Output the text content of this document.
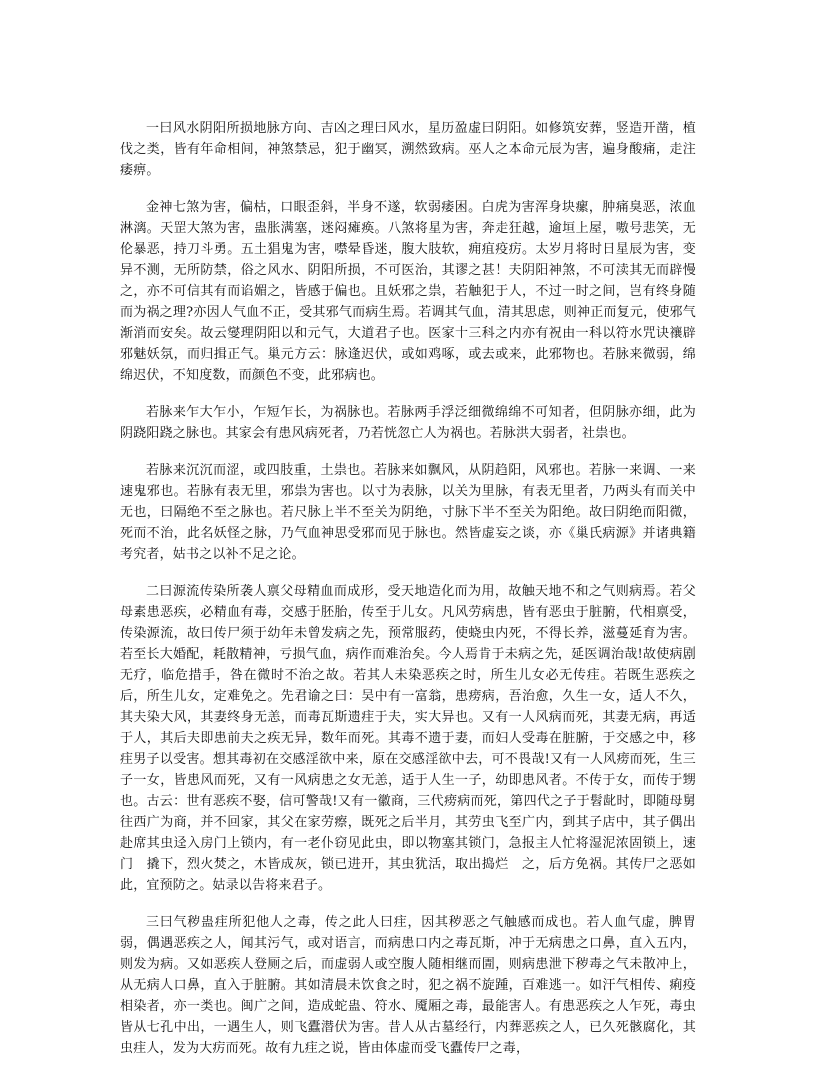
一曰风水阴阳所损地脉方向、吉凶之理曰风水，星历盈虚曰阴阳。如修筑安葬，竖造开凿，植伐之类，皆有年命相间，神煞禁忌，犯于幽冥，溯然致病。巫人之本命元辰为害，遍身酸痛，走注痿痹。

金神七煞为害，偏枯，口眼歪斜，半身不遂，软弱痿困。白虎为害浑身块瘰，肿痛臭恶，浓血淋漓。天罡大煞为害，蛊胀满塞，迷闷瘫痪。八煞将星为害，奔走狂越，逾垣上屋，嗷号悲笑，无伦暴恶，持刀斗勇。五土猖鬼为害，噤晕昏迷，腹大肢软，痈疽疫疠。太岁月将时日星辰为害，变异不测，无所防禁，俗之风水、阴阳所损，不可医治，其谬之甚！夫阴阳神煞，不可渎其无而辟慢之，亦不可信其有而谄媚之，皆感于偏也。且妖邪之祟，若触犯于人，不过一时之间，岂有终身随而为祸之理?亦因人气血不正，受其邪气而病生焉。若调其气血，清其思虑，则神正而复元，使邪气渐消而安矣。故云燮理阴阳以和元气，大道君子也。医家十三科之内亦有祝由一科以符水咒诀禳辟邪魅妖氛，而归揖正气。巢元方云：脉逢迟伏，或如鸡啄，或去或来，此邪物也。若脉来微弱，绵绵迟伏，不知度数，而颜色不变，此邪病也。

若脉来乍大乍小，乍短乍长，为祸脉也。若脉两手浮泛细微绵绵不可知者，但阴脉亦细，此为阴跷阳跷之脉也。其家会有患风病死者，乃若恍忽亡人为祸也。若脉洪大弱者，社祟也。

若脉来沉沉而涩，或四肢重，土祟也。若脉来如飘风，从阴趋阳，风邪也。若脉一来调、一来速鬼邪也。若脉有表无里，邪祟为害也。以寸为表脉，以关为里脉，有表无里者，乃两头有而关中无也，曰隔绝不至之脉也。若尺脉上半不至关为阴绝，寸脉下半不至关为阳绝。故曰阴绝而阳微，死而不治，此名妖怪之脉，乃气血神思受邪而见于脉也。然皆虚妄之谈，亦《巢氏病源》并诸典籍考究者，姑书之以补不足之论。

二曰源流传染所袭人禀父母精血而成形，受天地造化而为用，故触天地不和之气则病焉。若父母素患恶疾，必精血有毒，交感于胚胎，传至于儿女。凡风劳病患，皆有恶虫于脏腑，代相禀受，传染源流，故曰传尸须于幼年未曾发病之先，预常服药，使蛲虫内死，不得长养，滋蔓延育为害。若至长大婚配，耗散精神，亏损气血，病作而难治矣。今人焉肯于未病之先，延医调治哉!故使病剧无疗，临危措手，咎在微时不治之故。若其人未染恶疾之时，所生儿女必无传疰。若既生恶疾之后，所生儿女，定难免之。先君谕之曰：吴中有一富翁，患痨病，吾治愈，久生一女，适人不久，其夫染大风，其妻终身无恙，而毒瓦斯遗疰于夫，实大异也。又有一人风病而死，其妻无病，再适于人，其后夫即患前夫之疾无异，数年而死。其毒不遗于妻，而妇人受毒在脏腑，于交感之中，移疰男子以受害。想其毒初在交感淫欲中来，原在交感淫欲中去，可不畏哉!又有一人风痨而死，生三子一女，皆患风而死，又有一风病患之女无恙，适于人生一子，幼即患风者。不传于女，而传于甥也。古云：世有恶疾不娶，信可警哉!又有一徽商，三代痨病而死，第四代之子于髫龀时，即随母舅往西广为商，并不回家，其父在家劳瘵，既死之后半月，其劳虫飞至广内，到其子店中，其子偶出赴席其虫迳入房门上锁内，有一老仆窃见此虫，即以物塞其锁门，急报主人忙将湿泥浓固锁上，速门　撬下，烈火焚之，木皆成灰，锁已进开，其虫犹活，取出捣烂　之，后方免祸。其传尸之恶如此，宜预防之。姑录以告将来君子。

三曰气秽蛊疰所犯他人之毒，传之此人曰疰，因其秽恶之气触感而成也。若人血气虚，脾胃弱，偶遇恶疾之人，闻其污气，或对语言，而病患口内之毒瓦斯，冲于无病患之口鼻，直入五内，则发为病。又如恶疾人登厕之后，而虚弱人或空腹人随相继而圊，则病患泄下秽毒之气未散冲上，从无病人口鼻，直入于脏腑。其如清晨未饮食之时，犯之祸不旋踵，百难逃一。如汗气相传、痢疫相染者，亦一类也。闽广之间，造成蛇蛊、符水、魇厢之毒，最能害人。有患恶疾之人乍死，毒虫皆从七孔中出，一遇生人，则飞蠹潜伏为害。昔人从古墓经行，内葬恶疾之人，已久死骸腐化，其虫疰人，发为大疠而死。故有九疰之说，皆由体虚而受飞蠹传尸之毒，
